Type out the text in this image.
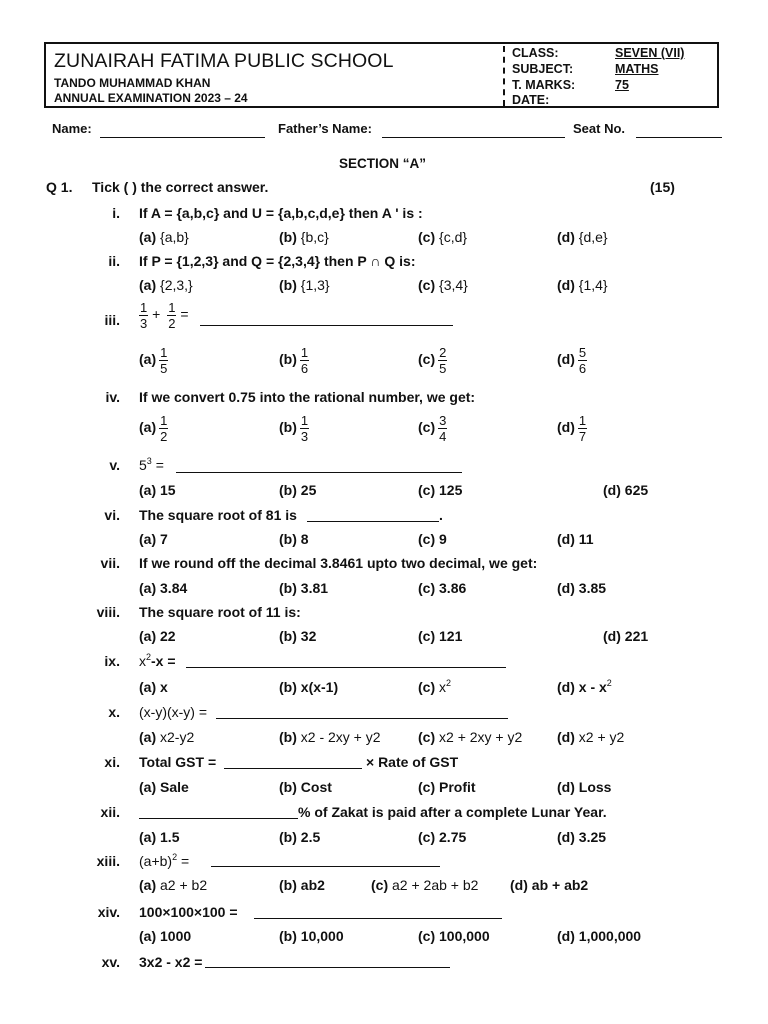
ZUNAIRAH FATIMA PUBLIC SCHOOL
TANDO MUHAMMAD KHAN
ANNUAL EXAMINATION 2023 – 24
CLASS:	SEVEN (VII)
SUBJECT:	MATHS
T. MARKS:	75
DATE:
Name:	Father’s Name:	Seat No.
SECTION “A”
Q 1. Tick ( ) the correct answer.	(15)
i. If A = {a,b,c} and U = {a,b,c,d,e} then A ' is :
(a) {a,b}	(b) {b,c}	(c) {c,d}	(d) {d,e}
ii. If P = {1,2,3} and Q = {2,3,4} then P ∩ Q is:
(a) {2,3,}	(b) {1,3}	(c) {3,4}	(d) {1,4}
iii. $\frac{1}{3} + \frac{1}{2}$ =
$(a) \frac{1}{5}$	$(b) \frac{1}{6}$	$(c) \frac{2}{5}$	$(d) \frac{5}{6}$
iv. If we convert 0.75 into the rational number, we get:
$(a) \frac{1}{2}$	$(b) \frac{1}{3}$	$(c) \frac{3}{4}$	$(d) \frac{1}{7}$
v. $5^3$ =
(a) 15	(b) 25	(c) 125	(d) 625
vi. The square root of 81 is	.
(a) 7	(b) 8	(c) 9	(d) 11
vii. If we round off the decimal 3.8461 upto two decimal, we get:
(a) 3.84	(b) 3.81	(c) 3.86	(d) 3.85
viii. The square root of 11 is:
(a) 22	(b) 32	(c) 121	(d) 221
ix. $x^2-x$ =
(a) x	(b) x(x-1)	(c) $x^2$	(d) x - $x^2$
x. (x-y)(x-y) =
(a) x2-y2	(b) x2 - 2xy + y2	(c) x2 + 2xy + y2 (d) x2 + y2
xi. Total GST =	× Rate of GST
(a) Sale	(b) Cost	(c) Profit	(d) Loss
xii.	% of Zakat is paid after a complete Lunar Year.
(a) 1.5	(b) 2.5	(c) 2.75	(d) 3.25
xiii. $(a+b)^2$ =
(a) a2 + b2	(b) ab2	(c) a2 + 2ab + b2 (d) ab + ab2
xiv. 100×100×100 =
(a) 1000	(b) 10,000	(c) 100,000	(d) 1,000,000
xv. 3x2 - x2 =
